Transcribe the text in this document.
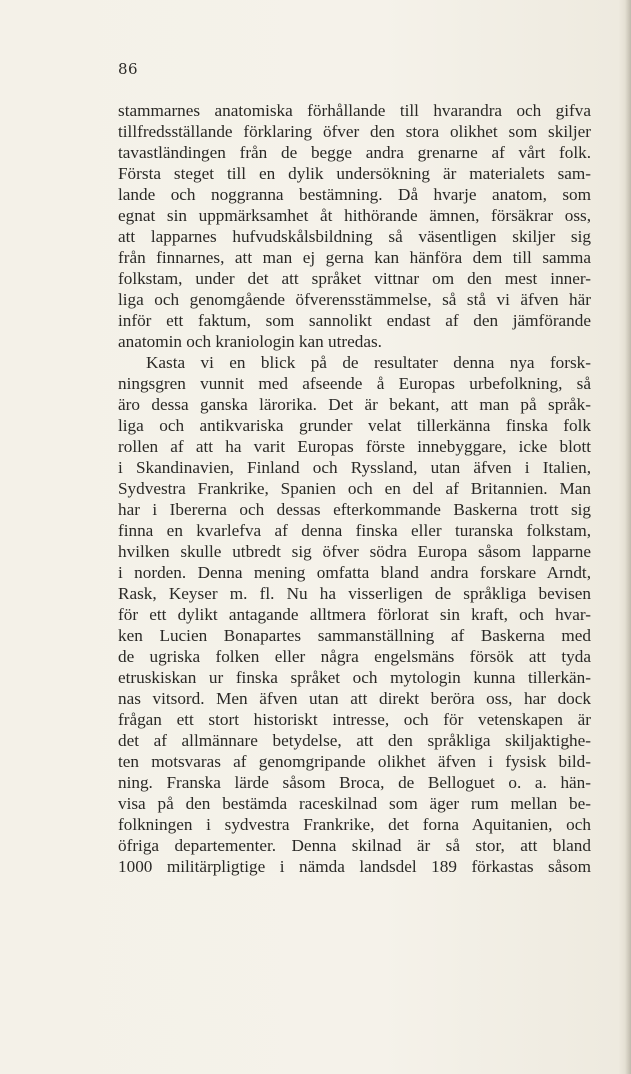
86
stammarnes anatomiska förhållande till hvarandra och gifva
tillfredsställande förklaring öfver den stora olikhet som skiljer
tavastländingen från de begge andra grenarne af vårt folk.
Första steget till en dylik undersökning är materialets sam-
lande och noggranna bestämning. Då hvarje anatom, som
egnat sin uppmärksamhet åt hithörande ämnen, försäkrar oss,
att lapparnes hufvudskålsbildning så väsentligen skiljer sig
från finnarnes, att man ej gerna kan hänföra dem till samma
folkstam, under det att språket vittnar om den mest inner-
liga och genomgående öfverensstämmelse, så stå vi äfven här
inför ett faktum, som sannolikt endast af den jämförande
anatomin och kraniologin kan utredas.
Kasta vi en blick på de resultater denna nya forsk-
ningsgren vunnit med afseende å Europas urbefolkning, så
äro dessa ganska lärorika. Det är bekant, att man på språk-
liga och antikvariska grunder velat tillerkänna finska folk
rollen af att ha varit Europas förste innebyggare, icke blott
i Skandinavien, Finland och Ryssland, utan äfven i Italien,
Sydvestra Frankrike, Spanien och en del af Britannien. Man
har i Ibererna och dessas efterkommande Baskerna trott sig
finna en kvarlefva af denna finska eller turanska folkstam,
hvilken skulle utbredt sig öfver södra Europa såsom lapparne
i norden. Denna mening omfatta bland andra forskare Arndt,
Rask, Keyser m. fl. Nu ha visserligen de språkliga bevisen
för ett dylikt antagande alltmera förlorat sin kraft, och hvar-
ken Lucien Bonapartes sammanställning af Baskerna med
de ugriska folken eller några engelsmäns försök att tyda
etruskiskan ur finska språket och mytologin kunna tillerkän-
nas vitsord. Men äfven utan att direkt beröra oss, har dock
frågan ett stort historiskt intresse, och för vetenskapen är
det af allmännare betydelse, att den språkliga skiljaktighe-
ten motsvaras af genomgripande olikhet äfven i fysisk bild-
ning. Franska lärde såsom Broca, de Belloguet o. a. hän-
visa på den bestämda raceskilnad som äger rum mellan be-
folkningen i sydvestra Frankrike, det forna Aquitanien, och
öfriga departementer. Denna skilnad är så stor, att bland
1000 militärpligtige i nämda landsdel 189 förkastas såsom
